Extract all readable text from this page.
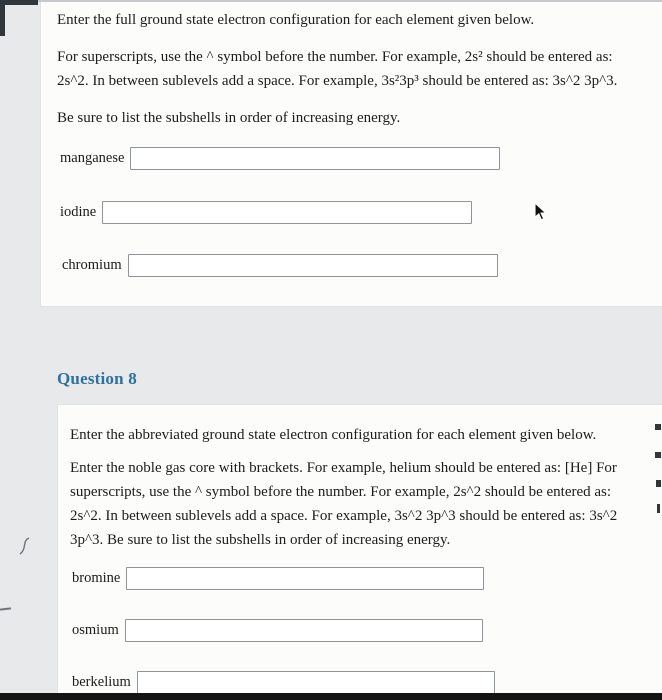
Enter the full ground state electron configuration for each element given below.
For superscripts, use the ^ symbol before the number. For example, 2s² should be entered as:
2s^2. In between sublevels add a space. For example, 3s²3p³ should be entered as: 3s^2 3p^3.
Be sure to list the subshells in order of increasing energy.
manganese
iodine
chromium
Question 8
Enter the abbreviated ground state electron configuration for each element given below.
Enter the noble gas core with brackets. For example, helium should be entered as: [He] For
superscripts, use the ^ symbol before the number. For example, 2s^2 should be entered as:
2s^2. In between sublevels add a space. For example, 3s^2 3p^3 should be entered as: 3s^2
3p^3. Be sure to list the subshells in order of increasing energy.
bromine
osmium
berkelium
